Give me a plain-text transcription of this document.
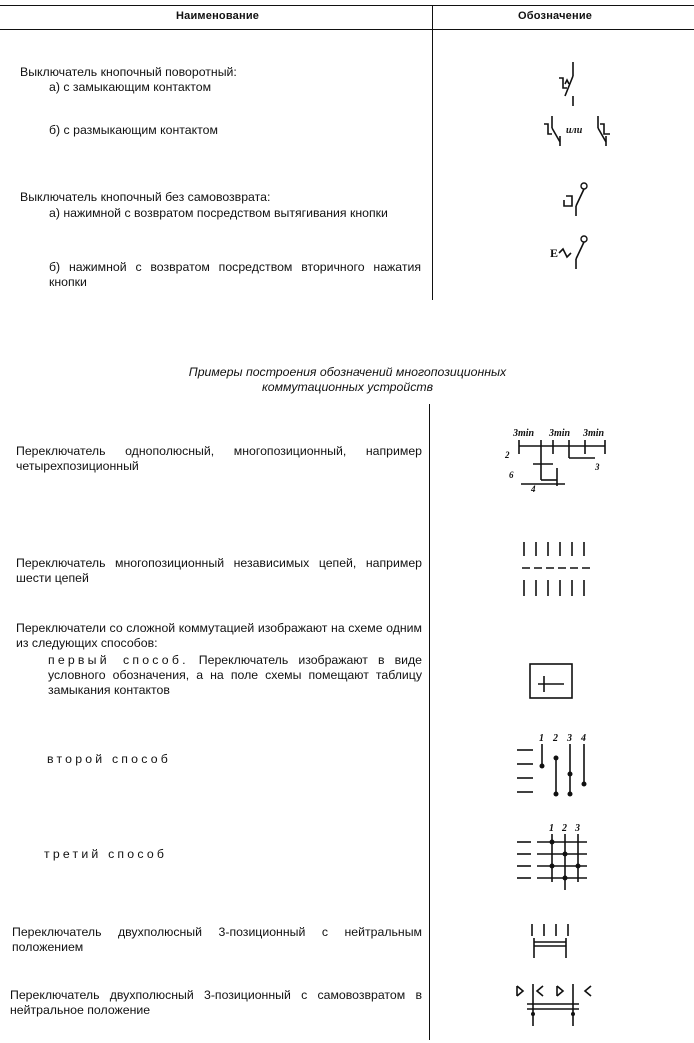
Наименование	Обозначение
Выключатель кнопочный поворотный:
а) с замыкающим контактом
б) с размыкающим контактом	или
Выключатель кнопочный без самовозврата:
а) нажимной с возвратом посредством вытягивания кнопки
б) нажимной с возвратом посредством вторичного нажатия кнопки
E
Примеры построения обозначений многопозиционных коммутационных устройств
Переключатель однополюсный, многопозиционный, например четырехпозиционный
3min 3min 3min
2
3
6
4
Переключатель многопозиционный независимых цепей, например шести цепей
Переключатели со сложной коммутацией изображают на схеме одним из следующих способов:
первый способ. Переключатель изображают в виде условного обозначения, а на поле схемы помещают таблицу замыкания контактов
второй способ
1 2 3 4
третий способ
1 2 3
Переключатель двухполюсный 3-позиционный с нейтральным положением
Переключатель двухполюсный 3-позиционный с самовозвратом в нейтральное положение
